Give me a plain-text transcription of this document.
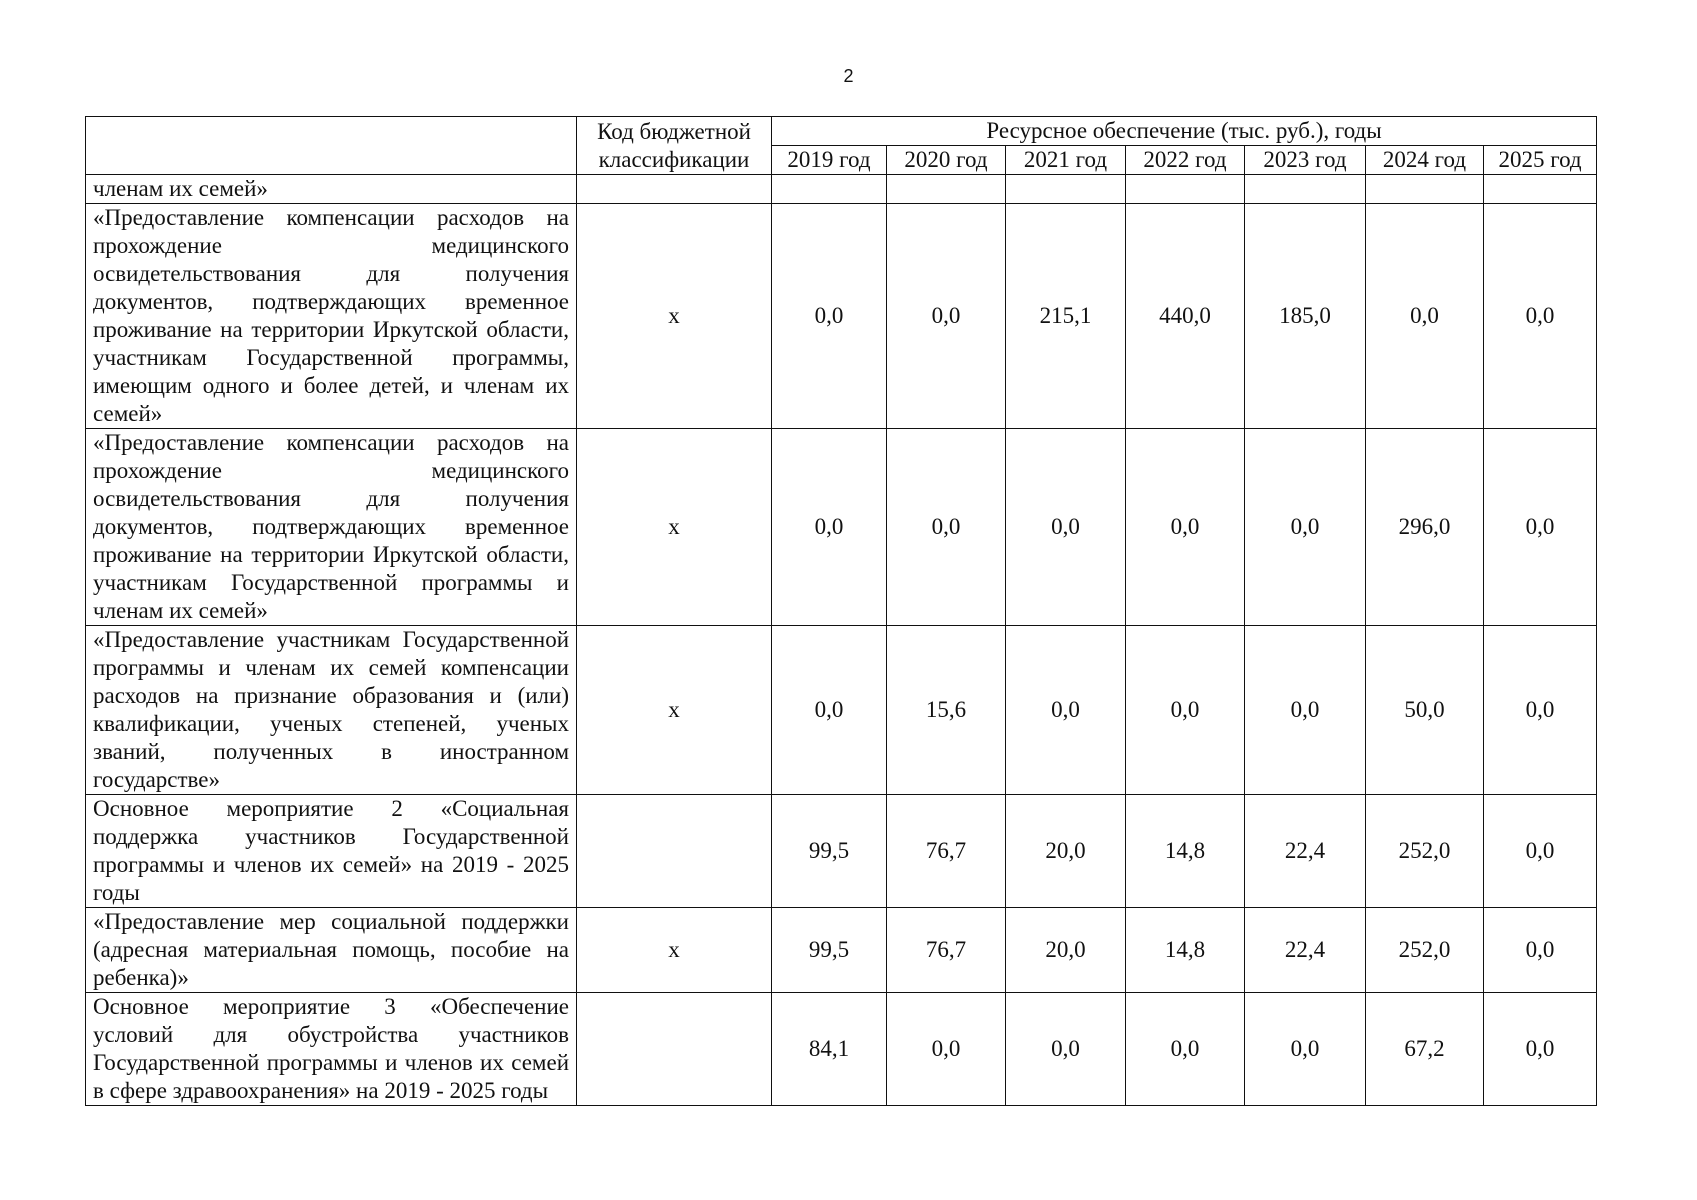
2
	Код бюджетной
классификации	Ресурсное обеспечение (тыс. руб.), годы						
		2019 год	2020 год	2021 год	2022 год	2023 год	2024 год	2025 год
членам их семей»								
«Предоставление компенсации расходов на прохождение медицинского освидетельствования для получения документов, подтверждающих временное проживание на территории Иркутской области, участникам Государственной программы, имеющим одного и более детей, и членам их семей»	х	0,0	0,0	215,1	440,0	185,0	0,0	0,0
«Предоставление компенсации расходов на прохождение медицинского освидетельствования для получения документов, подтверждающих временное проживание на территории Иркутской области, участникам Государственной программы и членам их семей»	х	0,0	0,0	0,0	0,0	0,0	296,0	0,0
«Предоставление участникам Государственной программы и членам их семей компенсации расходов на признание образования и (или) квалификации, ученых степеней, ученых званий, полученных в иностранном государстве»	х	0,0	15,6	0,0	0,0	0,0	50,0	0,0
Основное мероприятие 2 «Социальная поддержка участников Государственной программы и членов их семей» на 2019 - 2025 годы		99,5	76,7	20,0	14,8	22,4	252,0	0,0
«Предоставление мер социальной поддержки (адресная материальная помощь, пособие на ребенка)»	х	99,5	76,7	20,0	14,8	22,4	252,0	0,0
Основное мероприятие 3 «Обеспечение условий для обустройства участников Государственной программы и членов их семей в сфере здравоохранения» на 2019 - 2025 годы		84,1	0,0	0,0	0,0	0,0	67,2	0,0
